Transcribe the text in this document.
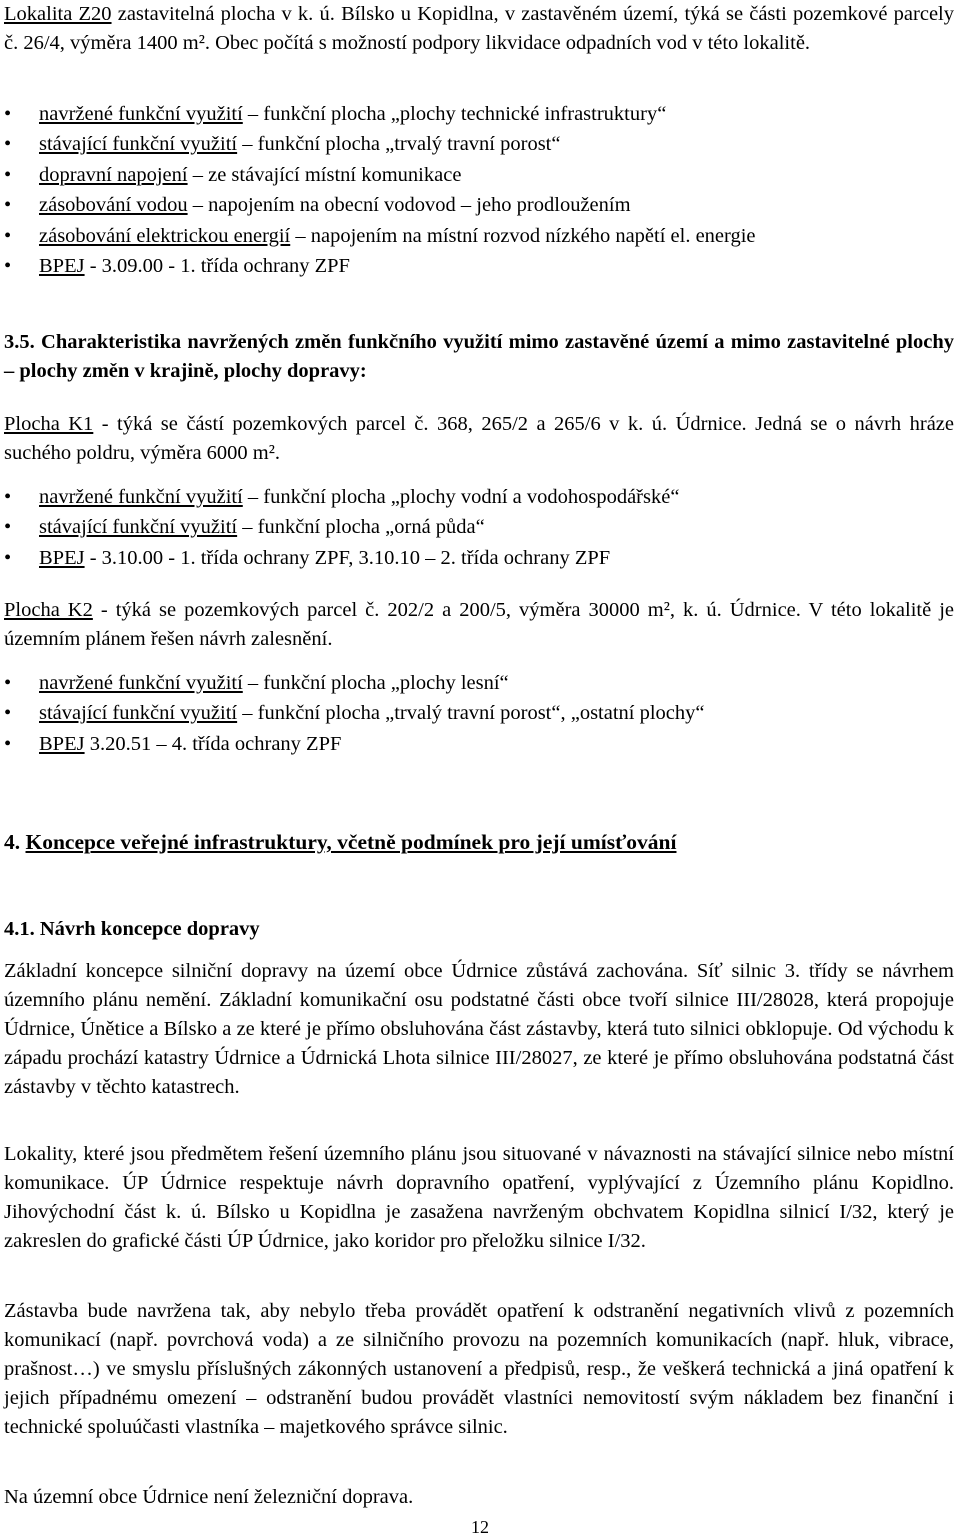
Lokalita Z20 zastavitelná plocha v k. ú. Bílsko u Kopidlna, v zastavěném území, týká se části pozemkové parcely č. 26/4, výměra 1400 m². Obec počítá s možností podpory likvidace odpadních vod v této lokalitě.

• navržené funkční využití – funkční plocha „plochy technické infrastruktury“
• stávající funkční využití – funkční plocha „trvalý travní porost“
• dopravní napojení – ze stávající místní komunikace
• zásobování vodou – napojením na obecní vodovod – jeho prodloužením
• zásobování elektrickou energií – napojením na místní rozvod nízkého napětí el. energie
• BPEJ - 3.09.00 - 1. třída ochrany ZPF

3.5. Charakteristika navržených změn funkčního využití mimo zastavěné území a mimo zastavitelné plochy – plochy změn v krajině, plochy dopravy:

Plocha K1 - týká se částí pozemkových parcel č. 368, 265/2 a 265/6 v k. ú. Údrnice. Jedná se o návrh hráze suchého poldru, výměra 6000 m².

• navržené funkční využití – funkční plocha „plochy vodní a vodohospodářské“
• stávající funkční využití – funkční plocha „orná půda“
• BPEJ - 3.10.00 - 1. třída ochrany ZPF, 3.10.10 – 2. třída ochrany ZPF

Plocha K2 - týká se pozemkových parcel č. 202/2 a 200/5, výměra 30000 m², k. ú. Údrnice. V této lokalitě je územním plánem řešen návrh zalesnění.

• navržené funkční využití – funkční plocha „plochy lesní“
• stávající funkční využití – funkční plocha „trvalý travní porost“, „ostatní plochy“
• BPEJ 3.20.51 – 4. třída ochrany ZPF

4. Koncepce veřejné infrastruktury, včetně podmínek pro její umísťování

4.1. Návrh koncepce dopravy

Základní koncepce silniční dopravy na území obce Údrnice zůstává zachována. Síť silnic 3. třídy se návrhem územního plánu nemění. Základní komunikační osu podstatné části obce tvoří silnice III/28028, která propojuje Údrnice, Únětice a Bílsko a ze které je přímo obsluhována část zástavby, která tuto silnici obklopuje. Od východu k západu prochází katastry Údrnice a Údrnická Lhota silnice III/28027, ze které je přímo obsluhována podstatná část zástavby v těchto katastrech.

Lokality, které jsou předmětem řešení územního plánu jsou situované v návaznosti na stávající silnice nebo místní komunikace. ÚP Údrnice respektuje návrh dopravního opatření, vyplývající z Územního plánu Kopidlno. Jihovýchodní část k. ú. Bílsko u Kopidlna je zasažena navrženým obchvatem Kopidlna silnicí I/32, který je zakreslen do grafické části ÚP Údrnice, jako koridor pro přeložku silnice I/32.

Zástavba bude navržena tak, aby nebylo třeba provádět opatření k odstranění negativních vlivů z pozemních komunikací (např. povrchová voda) a ze silničního provozu na pozemních komunikacích (např. hluk, vibrace, prašnost…) ve smyslu příslušných zákonných ustanovení a předpisů, resp., že veškerá technická a jiná opatření k jejich případnému omezení – odstranění budou provádět vlastníci nemovitostí svým nákladem bez finanční i technické spoluúčasti vlastníka – majetkového správce silnic.

Na územní obce Údrnice není železniční doprava.

12
